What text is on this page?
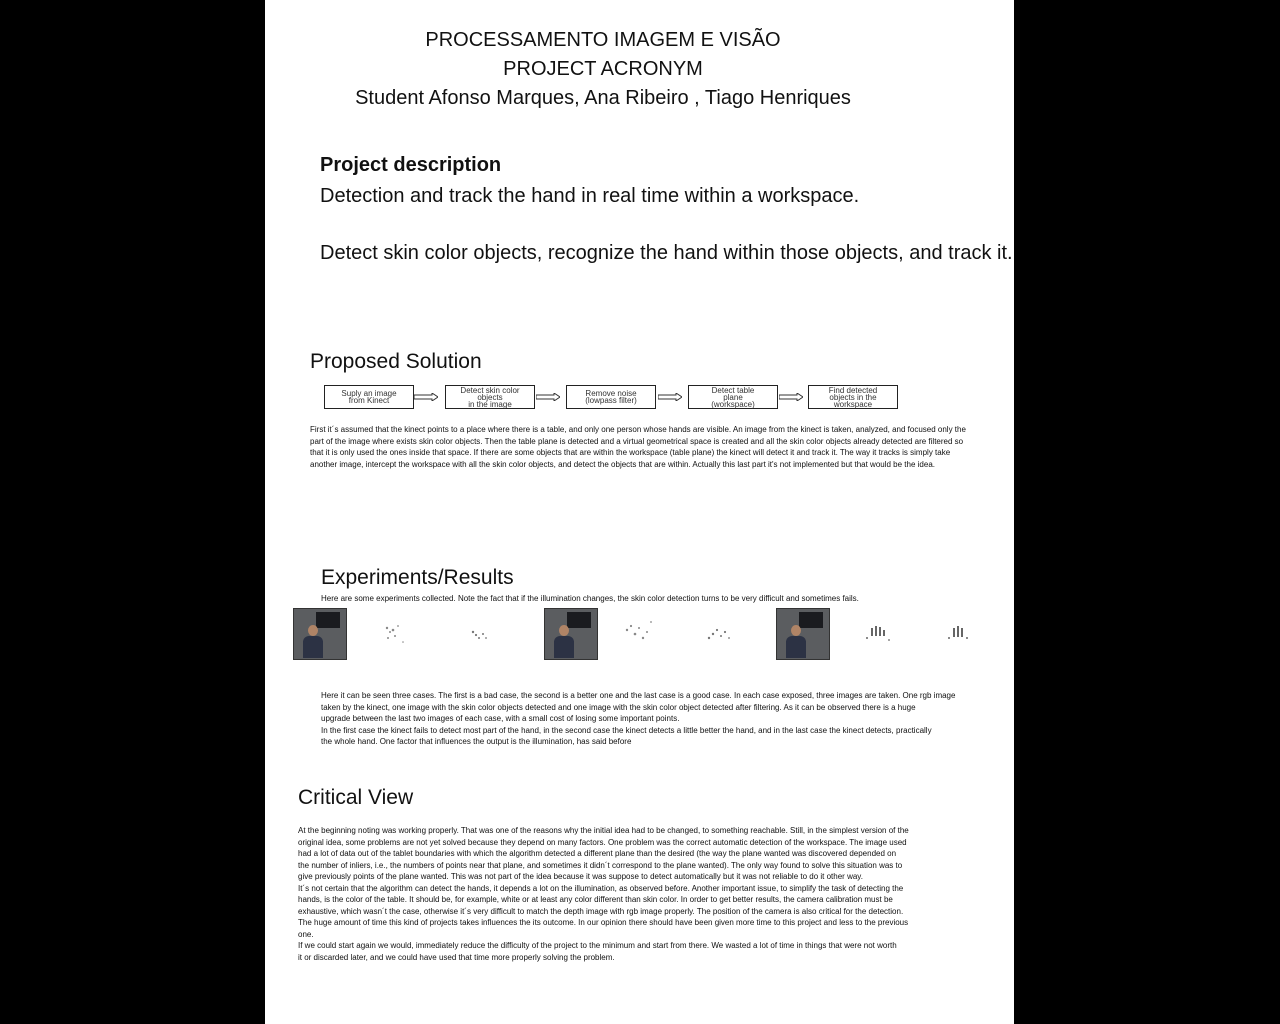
PROCESSAMENTO IMAGEM E VISÃO
PROJECT ACRONYM
Student Afonso Marques, Ana Ribeiro , Tiago Henriques
Project description
Detection and track the hand in real time within a workspace.
Detect skin color objects, recognize the hand within those objects, and track it.
Proposed Solution
Suply an image
from Kinect
Detect skin color
objects
in the image
Remove noise
(lowpass filter)
Detect table
plane
(workspace)
Find detected
objects in the
workspace
First it´s assumed that the kinect points to a place where there is a table, and only one person whose hands are visible. An image from the kinect is taken, analyzed, and focused only the
part of the image where exists skin color objects. Then the table plane is detected and a virtual geometrical space is created and all the skin color objects already detected are filtered so
that it is only used the ones inside that space. If there are some objects that are within the workspace (table plane) the kinect will detect it and track it. The way it tracks is simply take
another image, intercept the workspace with all the skin color objects, and detect the objects that are within. Actually this last part it's not implemented but that would be the idea.
Experiments/Results
Here are some experiments collected. Note the fact that if the illumination changes, the skin color detection turns to be very difficult and sometimes fails.
Here it can be seen three cases. The first is a bad case, the second is a better one and the last case is a good case. In each case exposed, three images are taken. One rgb image
taken by the kinect, one image with the skin color objects detected and one image with the skin color object detected after filtering. As it can be observed there is a huge
upgrade between the last two images of each case, with a small cost of losing some important points.
In the first case the kinect fails to detect most part of the hand, in the second case the kinect detects a little better the hand, and in the last case the kinect detects, practically
the whole hand. One factor that influences the output is the illumination, has said before
Critical View
At the beginning noting was working properly. That was one of the reasons why the initial idea had to be changed, to something reachable. Still, in the simplest version of the
original idea, some problems are not yet solved because they depend on many factors. One problem was the correct automatic detection of the workspace. The image used
had a lot of data out of the tablet boundaries with which the algorithm detected a different plane than the desired (the way the plane wanted was discovered depended on
the number of inliers, i.e., the numbers of points near that plane, and sometimes it didn´t correspond to the plane wanted). The only way found to solve this situation was to
give previously points of the plane wanted. This was not part of the idea because it was suppose to detect automatically but it was not reliable to do it other way.
It´s not certain that the algorithm can detect the hands, it depends a lot on the illumination, as observed before. Another important issue, to simplify the task of detecting the
hands, is the color of the table. It should be, for example, white or at least any color different than skin color. In order to get better results, the camera calibration must be
exhaustive, which wasn´t the case, otherwise it´s very difficult to match the depth image with rgb image properly. The position of the camera is also critical for the detection.
The huge amount of time this kind of projects takes influences the its outcome. In our opinion there should have been given more time to this project and less to the previous
one.
If we could start again we would, immediately reduce the difficulty of the project to the minimum and start from there. We wasted a lot of time in things that were not worth
it or discarded later, and we could have used that time more properly solving the problem.
